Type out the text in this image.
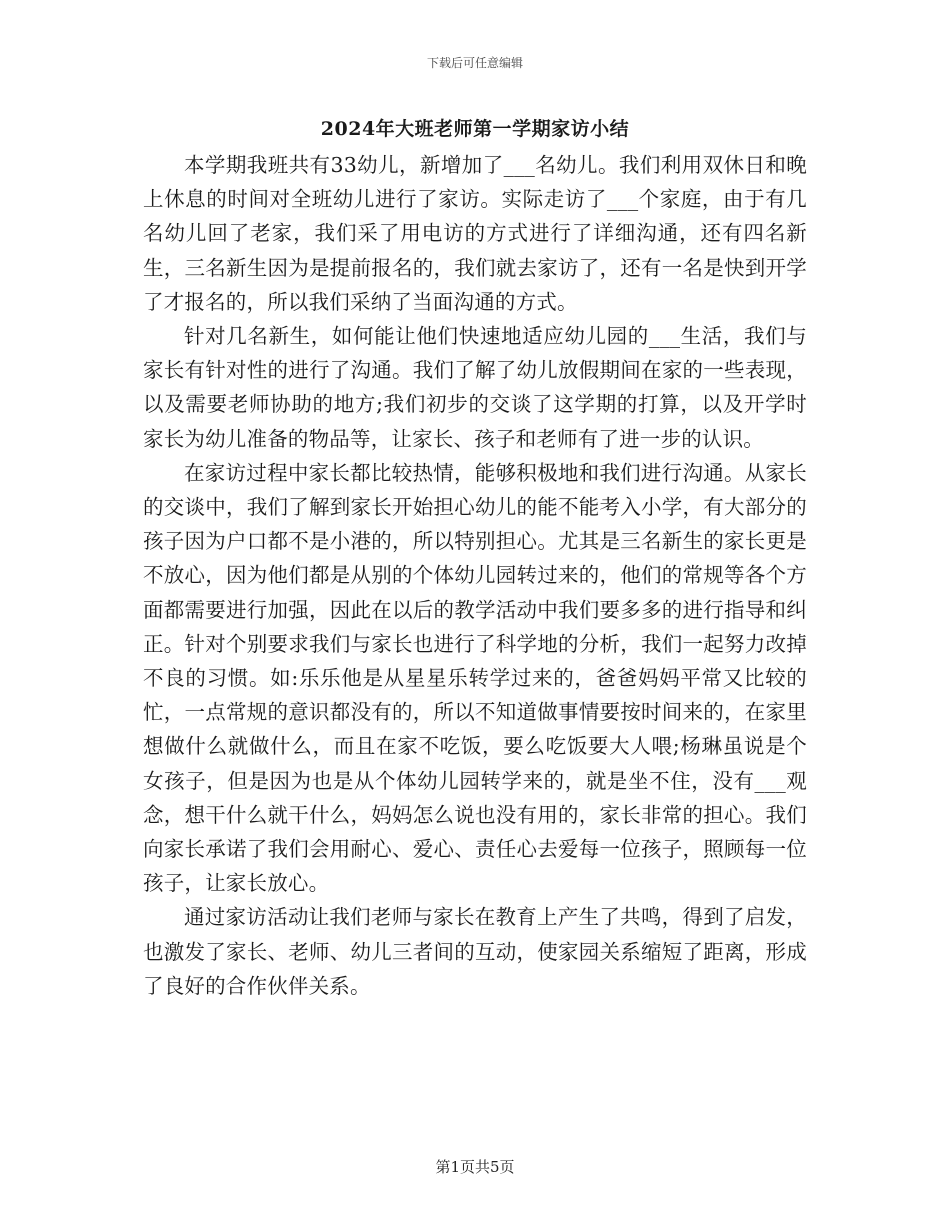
下载后可任意编辑
2024年大班老师第一学期家访小结

本学期我班共有33幼儿，新增加了___名幼儿。我们利用双休日和晚上休息的时间对全班幼儿进行了家访。实际走访了___个家庭，由于有几名幼儿回了老家，我们采了用电访的方式进行了详细沟通，还有四名新生，三名新生因为是提前报名的，我们就去家访了，还有一名是快到开学了才报名的，所以我们采纳了当面沟通的方式。

针对几名新生，如何能让他们快速地适应幼儿园的___生活，我们与家长有针对性的进行了沟通。我们了解了幼儿放假期间在家的一些表现，以及需要老师协助的地方;我们初步的交谈了这学期的打算，以及开学时家长为幼儿准备的物品等，让家长、孩子和老师有了进一步的认识。

在家访过程中家长都比较热情，能够积极地和我们进行沟通。从家长的交谈中，我们了解到家长开始担心幼儿的能不能考入小学，有大部分的孩子因为户口都不是小港的，所以特别担心。尤其是三名新生的家长更是不放心，因为他们都是从别的个体幼儿园转过来的，他们的常规等各个方面都需要进行加强，因此在以后的教学活动中我们要多多的进行指导和纠正。针对个别要求我们与家长也进行了科学地的分析，我们一起努力改掉不良的习惯。如:乐乐他是从星星乐转学过来的，爸爸妈妈平常又比较的忙，一点常规的意识都没有的，所以不知道做事情要按时间来的，在家里想做什么就做什么，而且在家不吃饭，要么吃饭要大人喂;杨琳虽说是个女孩子，但是因为也是从个体幼儿园转学来的，就是坐不住，没有___观念，想干什么就干什么，妈妈怎么说也没有用的，家长非常的担心。我们向家长承诺了我们会用耐心、爱心、责任心去爱每一位孩子，照顾每一位孩子，让家长放心。

通过家访活动让我们老师与家长在教育上产生了共鸣，得到了启发，也激发了家长、老师、幼儿三者间的互动，使家园关系缩短了距离，形成了良好的合作伙伴关系。

第1页共5页
